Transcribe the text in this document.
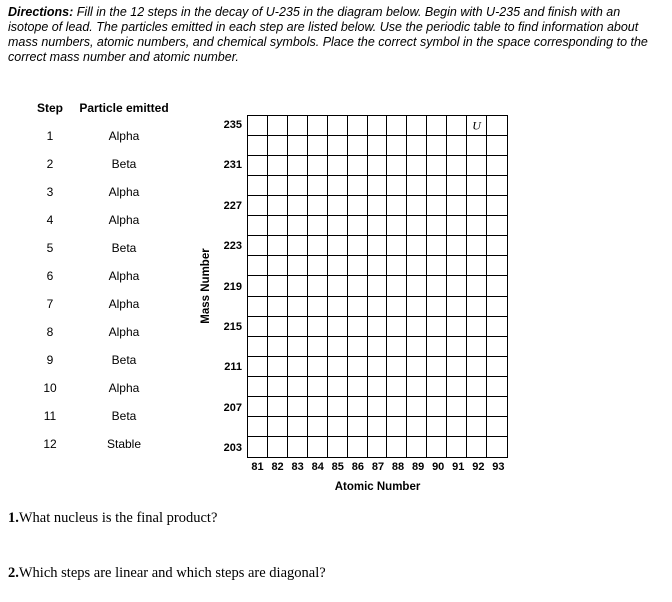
Directions: Fill in the 12 steps in the decay of U-235 in the diagram below. Begin with U-235 and finish with an isotope of lead. The particles emitted in each step are listed below. Use the periodic table to find information about mass numbers, atomic numbers, and chemical symbols. Place the correct symbol in the space corresponding to the correct mass number and atomic number.

Step	Particle emitted
1	Alpha
2	Beta
3	Alpha
4	Alpha
5	Beta
6	Alpha
7	Alpha
8	Alpha
9	Beta
10	Alpha
11	Beta
12	Stable
Mass Number
235
231
227
223
219
215
211
207
203
U
81 82 83 84 85 86 87 88 89 90 91 92 93
Atomic Number

1.What nucleus is the final product?

2.Which steps are linear and which steps are diagonal?
